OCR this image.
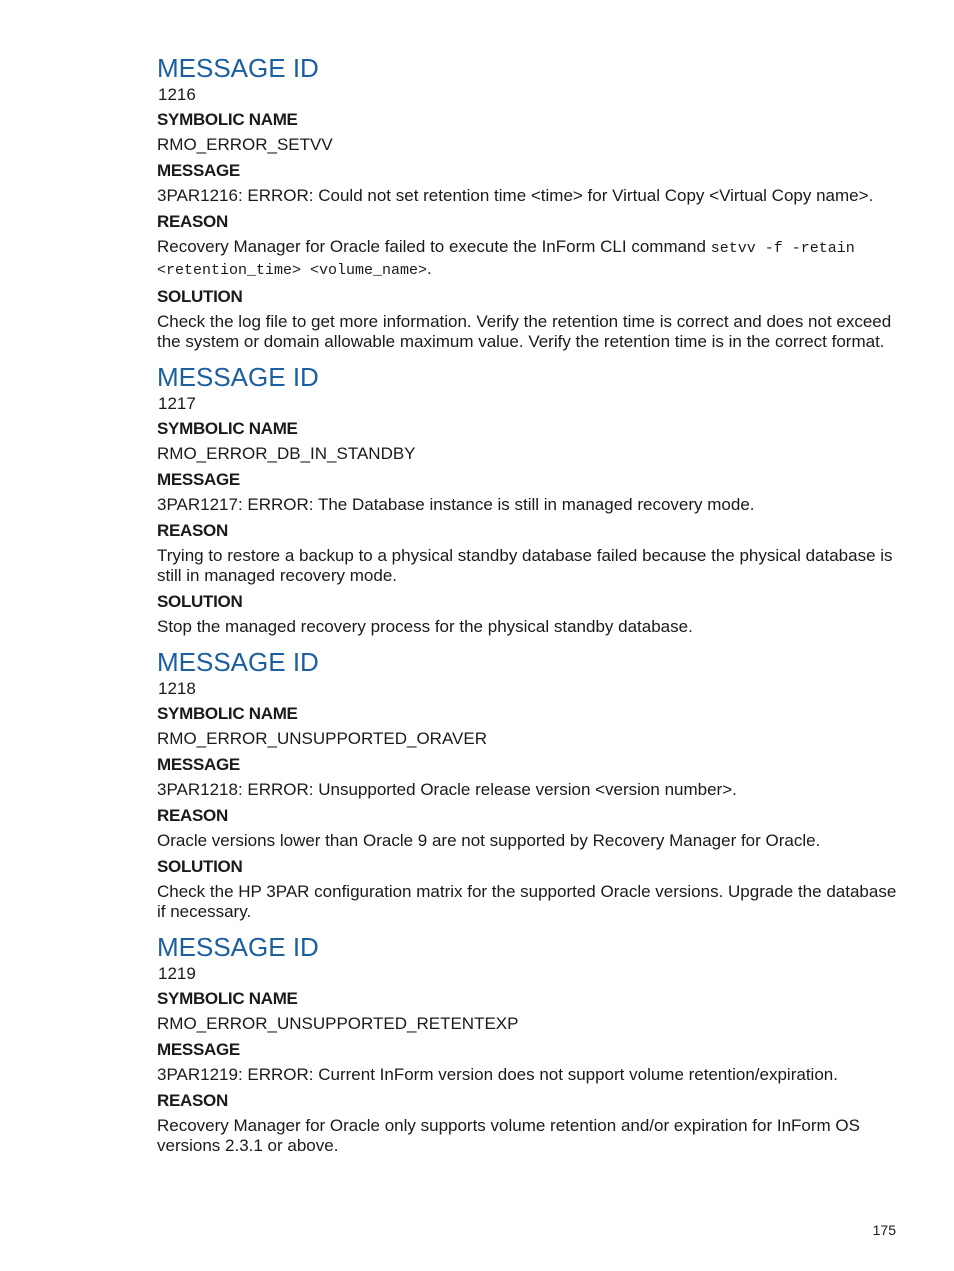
MESSAGE ID
1216
SYMBOLIC NAME
RMO_ERROR_SETVV
MESSAGE
3PAR1216: ERROR: Could not set retention time <time> for Virtual Copy <Virtual Copy name>.
REASON
Recovery Manager for Oracle failed to execute the InForm CLI command setvv -f -retain
<retention_time> <volume_name>.
SOLUTION
Check the log file to get more information. Verify the retention time is correct and does not exceed the system or domain allowable maximum value. Verify the retention time is in the correct format.
MESSAGE ID
1217
SYMBOLIC NAME
RMO_ERROR_DB_IN_STANDBY
MESSAGE
3PAR1217: ERROR: The Database instance is still in managed recovery mode.
REASON
Trying to restore a backup to a physical standby database failed because the physical database is still in managed recovery mode.
SOLUTION
Stop the managed recovery process for the physical standby database.
MESSAGE ID
1218
SYMBOLIC NAME
RMO_ERROR_UNSUPPORTED_ORAVER
MESSAGE
3PAR1218: ERROR: Unsupported Oracle release version <version number>.
REASON
Oracle versions lower than Oracle 9 are not supported by Recovery Manager for Oracle.
SOLUTION
Check the HP 3PAR configuration matrix for the supported Oracle versions. Upgrade the database if necessary.
MESSAGE ID
1219
SYMBOLIC NAME
RMO_ERROR_UNSUPPORTED_RETENTEXP
MESSAGE
3PAR1219: ERROR: Current InForm version does not support volume retention/expiration.
REASON
Recovery Manager for Oracle only supports volume retention and/or expiration for InForm OS versions 2.3.1 or above.
175
